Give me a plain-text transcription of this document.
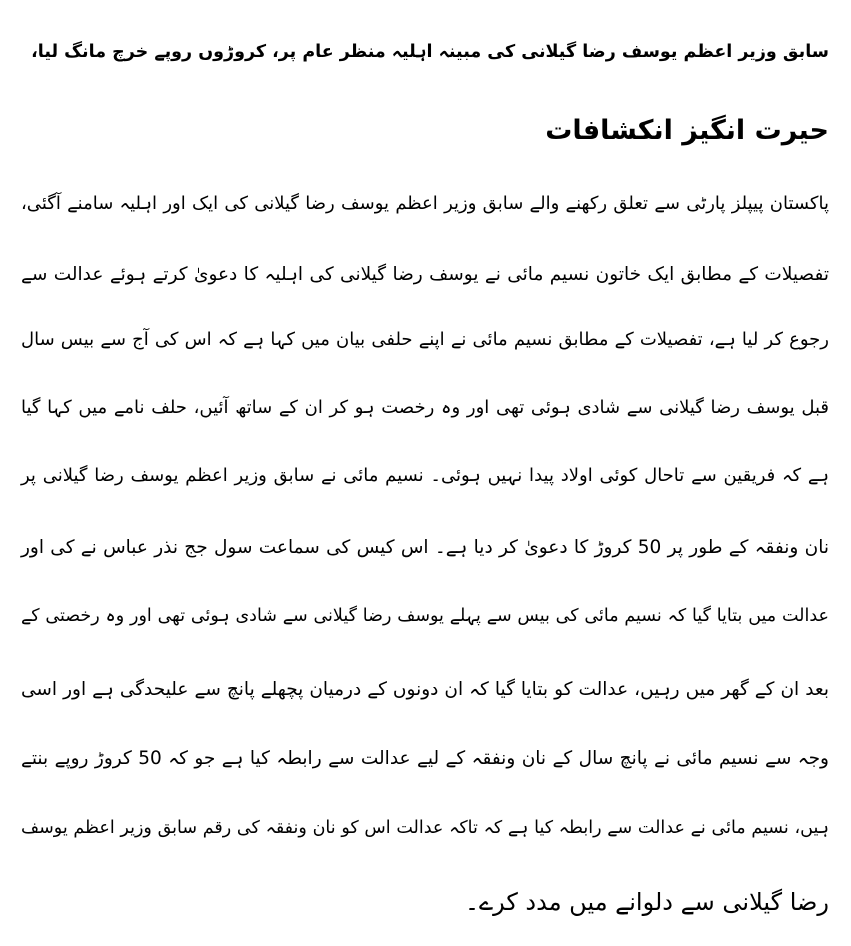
سابق وزیر اعظم یوسف رضا گیلانی کی مبینہ اہلیہ منظر عام پر، کروڑوں روپے خرچ مانگ لیا،
حیرت انگیز انکشافات
پاکستان پیپلز پارٹی سے تعلق رکھنے والے سابق وزیر اعظم یوسف رضا گیلانی کی ایک اور اہلیہ سامنے آگئی،
تفصیلات کے مطابق ایک خاتون نسیم مائی نے یوسف رضا گیلانی کی اہلیہ کا دعویٰ کرتے ہوئے عدالت سے
رجوع کر لیا ہے، تفصیلات کے مطابق نسیم مائی نے اپنے حلفی بیان میں کہا ہے کہ اس کی آج سے بیس سال
قبل یوسف رضا گیلانی سے شادی ہوئی تھی اور وہ رخصت ہو کر ان کے ساتھ آئیں، حلف نامے میں کہا گیا
ہے کہ فریقین سے تاحال کوئی اولاد پیدا نہیں ہوئی۔ نسیم مائی نے سابق وزیر اعظم یوسف رضا گیلانی پر
نان ونفقہ کے طور پر 50 کروڑ کا دعویٰ کر دیا ہے۔ اس کیس کی سماعت سول جج نذر عباس نے کی اور
عدالت میں بتایا گیا کہ نسیم مائی کی بیس سے پہلے یوسف رضا گیلانی سے شادی ہوئی تھی اور وہ رخصتی کے
بعد ان کے گھر میں رہیں، عدالت کو بتایا گیا کہ ان دونوں کے درمیان پچھلے پانچ سے علیحدگی ہے اور اسی
وجہ سے نسیم مائی نے پانچ سال کے نان ونفقہ کے لیے عدالت سے رابطہ کیا ہے جو کہ 50 کروڑ روپے بنتے
ہیں، نسیم مائی نے عدالت سے رابطہ کیا ہے کہ تاکہ عدالت اس کو نان ونفقہ کی رقم سابق وزیر اعظم یوسف
رضا گیلانی سے دلوانے میں مدد کرے۔
